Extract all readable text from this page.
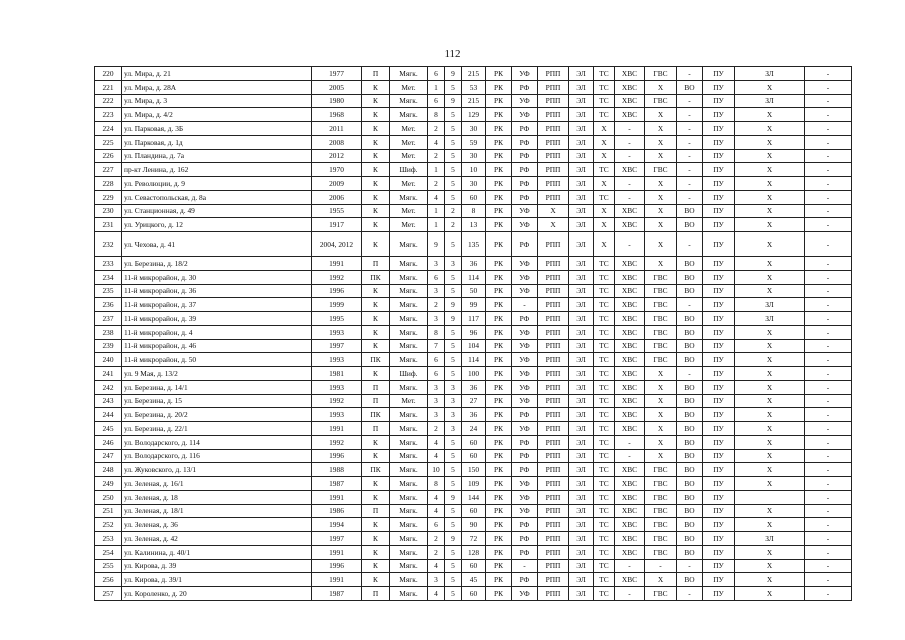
112
220	ул. Мира, д. 21	1977	П	Мягк.	6	9	215	РК	УФ	РПП	ЭЛ	ТС	ХВС	ГВС	-	ПУ	ЗЛ	-
221	ул. Мира, д. 28А	2005	К	Мет.	1	5	53	РК	РФ	РПП	ЭЛ	ТС	ХВС	Х	ВО	ПУ	Х	-
222	ул. Мира, д. 3	1980	К	Мягк.	6	9	215	РК	УФ	РПП	ЭЛ	ТС	ХВС	ГВС	-	ПУ	ЗЛ	-
223	ул. Мира, д. 4/2	1968	К	Мягк.	8	5	129	РК	УФ	РПП	ЭЛ	ТС	ХВС	Х	-	ПУ	Х	-
224	ул. Парковая, д. 3Б	2011	К	Мет.	2	5	30	РК	РФ	РПП	ЭЛ	Х	-	Х	-	ПУ	Х	-
225	ул. Парковая, д. 1д	2008	К	Мет.	4	5	59	РК	РФ	РПП	ЭЛ	Х	-	Х	-	ПУ	Х	-
226	ул. Пландина, д. 7а	2012	К	Мет.	2	5	30	РК	РФ	РПП	ЭЛ	Х	-	Х	-	ПУ	Х	-
227	пр-кт Ленина, д. 162	1970	К	Шиф.	1	5	10	РК	РФ	РПП	ЭЛ	ТС	ХВС	ГВС	-	ПУ	Х	-
228	ул. Революции, д. 9	2009	К	Мет.	2	5	30	РК	РФ	РПП	ЭЛ	Х	-	Х	-	ПУ	Х	-
229	ул. Севастопольская, д. 8а	2006	К	Мягк.	4	5	60	РК	РФ	РПП	ЭЛ	ТС	-	Х	-	ПУ	Х	-
230	ул. Станционная, д. 49	1955	К	Мет.	1	2	8	РК	УФ	Х	ЭЛ	Х	ХВС	Х	ВО	ПУ	Х	-
231	ул. Урицкого, д. 12	1917	К	Мет.	1	2	13	РК	УФ	Х	ЭЛ	Х	ХВС	Х	ВО	ПУ	Х	-
232	ул. Чехова, д. 41	2004, 2012	К	Мягк.	9	5	135	РК	РФ	РПП	ЭЛ	Х	-	Х	-	ПУ	Х	-
233	ул. Березина, д. 18/2	1991	П	Мягк.	3	3	36	РК	УФ	РПП	ЭЛ	ТС	ХВС	Х	ВО	ПУ	Х	-
234	11-й микрорайон, д. 30	1992	ПК	Мягк.	6	5	114	РК	УФ	РПП	ЭЛ	ТС	ХВС	ГВС	ВО	ПУ	Х	-
235	11-й микрорайон, д. 36	1996	К	Мягк.	3	5	50	РК	УФ	РПП	ЭЛ	ТС	ХВС	ГВС	ВО	ПУ	Х	-
236	11-й микрорайон, д. 37	1999	К	Мягк.	2	9	99	РК	-	РПП	ЭЛ	ТС	ХВС	ГВС	-	ПУ	ЗЛ	-
237	11-й микрорайон, д. 39	1995	К	Мягк.	3	9	117	РК	РФ	РПП	ЭЛ	ТС	ХВС	ГВС	ВО	ПУ	ЗЛ	-
238	11-й микрорайон, д. 4	1993	К	Мягк.	8	5	96	РК	УФ	РПП	ЭЛ	ТС	ХВС	ГВС	ВО	ПУ	Х	-
239	11-й микрорайон, д. 46	1997	К	Мягк.	7	5	104	РК	УФ	РПП	ЭЛ	ТС	ХВС	ГВС	ВО	ПУ	Х	-
240	11-й микрорайон, д. 50	1993	ПК	Мягк.	6	5	114	РК	УФ	РПП	ЭЛ	ТС	ХВС	ГВС	ВО	ПУ	Х	-
241	ул. 9 Мая, д. 13/2	1981	К	Шиф.	6	5	100	РК	УФ	РПП	ЭЛ	ТС	ХВС	Х	-	ПУ	Х	-
242	ул. Березина, д. 14/1	1993	П	Мягк.	3	3	36	РК	УФ	РПП	ЭЛ	ТС	ХВС	Х	ВО	ПУ	Х	-
243	ул. Березина, д. 15	1992	П	Мет.	3	3	27	РК	УФ	РПП	ЭЛ	ТС	ХВС	Х	ВО	ПУ	Х	-
244	ул. Березина, д. 20/2	1993	ПК	Мягк.	3	3	36	РК	РФ	РПП	ЭЛ	ТС	ХВС	Х	ВО	ПУ	Х	-
245	ул. Березина, д. 22/1	1991	П	Мягк.	2	3	24	РК	УФ	РПП	ЭЛ	ТС	ХВС	Х	ВО	ПУ	Х	-
246	ул. Володарского, д. 114	1992	К	Мягк.	4	5	60	РК	РФ	РПП	ЭЛ	ТС	-	Х	ВО	ПУ	Х	-
247	ул. Володарского, д. 116	1996	К	Мягк.	4	5	60	РК	РФ	РПП	ЭЛ	ТС	-	Х	ВО	ПУ	Х	-
248	ул. Жуковского, д. 13/1	1988	ПК	Мягк.	10	5	150	РК	РФ	РПП	ЭЛ	ТС	ХВС	ГВС	ВО	ПУ	Х	-
249	ул. Зеленая, д. 16/1	1987	К	Мягк.	8	5	109	РК	УФ	РПП	ЭЛ	ТС	ХВС	ГВС	ВО	ПУ	Х	-
250	ул. Зеленая, д. 18	1991	К	Мягк.	4	9	144	РК	УФ	РПП	ЭЛ	ТС	ХВС	ГВС	ВО	ПУ		-
251	ул. Зеленая, д. 18/1	1986	П	Мягк.	4	5	60	РК	УФ	РПП	ЭЛ	ТС	ХВС	ГВС	ВО	ПУ	Х	-
252	ул. Зеленая, д. 36	1994	К	Мягк.	6	5	90	РК	РФ	РПП	ЭЛ	ТС	ХВС	ГВС	ВО	ПУ	Х	-
253	ул. Зеленая, д. 42	1997	К	Мягк.	2	9	72	РК	РФ	РПП	ЭЛ	ТС	ХВС	ГВС	ВО	ПУ	ЗЛ	-
254	ул. Калинина, д. 40/1	1991	К	Мягк.	2	5	128	РК	РФ	РПП	ЭЛ	ТС	ХВС	ГВС	ВО	ПУ	Х	-
255	ул. Кирова, д. 39	1996	К	Мягк.	4	5	60	РК	-	РПП	ЭЛ	ТС	-	-	-	ПУ	Х	-
256	ул. Кирова, д. 39/1	1991	К	Мягк.	3	5	45	РК	РФ	РПП	ЭЛ	ТС	ХВС	Х	ВО	ПУ	Х	-
257	ул. Короленко, д. 20	1987	П	Мягк.	4	5	60	РК	УФ	РПП	ЭЛ	ТС	-	ГВС	-	ПУ	Х	-
